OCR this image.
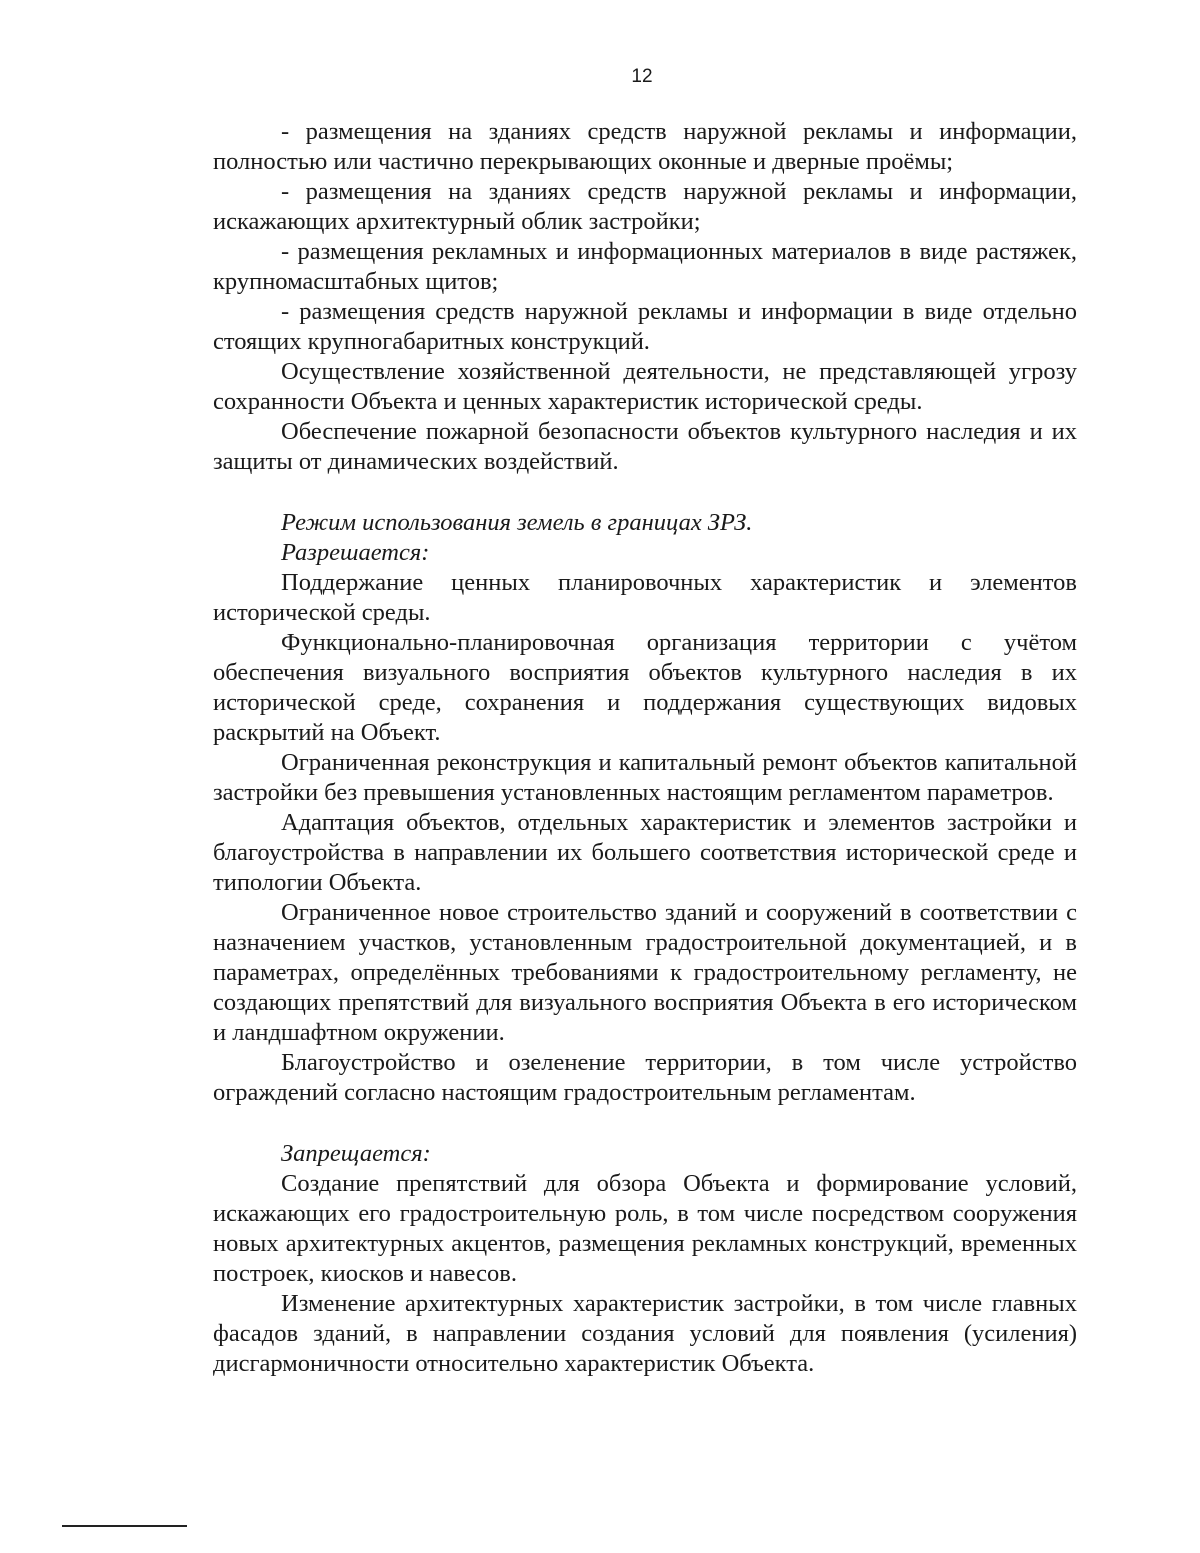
12

- размещения на зданиях средств наружной рекламы и информации, полностью или частично перекрывающих оконные и дверные проёмы;

- размещения на зданиях средств наружной рекламы и информации, искажающих архитектурный облик застройки;

- размещения рекламных и информационных материалов в виде растяжек, крупномасштабных щитов;

- размещения средств наружной рекламы и информации в виде отдельно стоящих крупногабаритных конструкций.

Осуществление хозяйственной деятельности, не представляющей угрозу сохранности Объекта и ценных характеристик исторической среды.

Обеспечение пожарной безопасности объектов культурного наследия и их защиты от динамических воздействий.

Режим использования земель в границах ЗРЗ.

Разрешается:

Поддержание ценных планировочных характеристик и элементов исторической среды.

Функционально-планировочная организация территории с учётом обеспечения визуального восприятия объектов культурного наследия в их исторической среде, сохранения и поддержания существующих видовых раскрытий на Объект.

Ограниченная реконструкция и капитальный ремонт объектов капитальной застройки без превышения установленных настоящим регламентом параметров.

Адаптация объектов, отдельных характеристик и элементов застройки и благоустройства в направлении их большего соответствия исторической среде и типологии Объекта.

Ограниченное новое строительство зданий и сооружений в соответствии с назначением участков, установленным градостроительной документацией, и в параметрах, определённых требованиями к градостроительному регламенту, не создающих препятствий для визуального восприятия Объекта в его историческом и ландшафтном окружении.

Благоустройство и озеленение территории, в том числе устройство ограждений согласно настоящим градостроительным регламентам.

Запрещается:

Создание препятствий для обзора Объекта и формирование условий, искажающих его градостроительную роль, в том числе посредством сооружения новых архитектурных акцентов, размещения рекламных конструкций, временных построек, киосков и навесов.

Изменение архитектурных характеристик застройки, в том числе главных фасадов зданий, в направлении создания условий для появления (усиления) дисгармоничности относительно характеристик Объекта.
